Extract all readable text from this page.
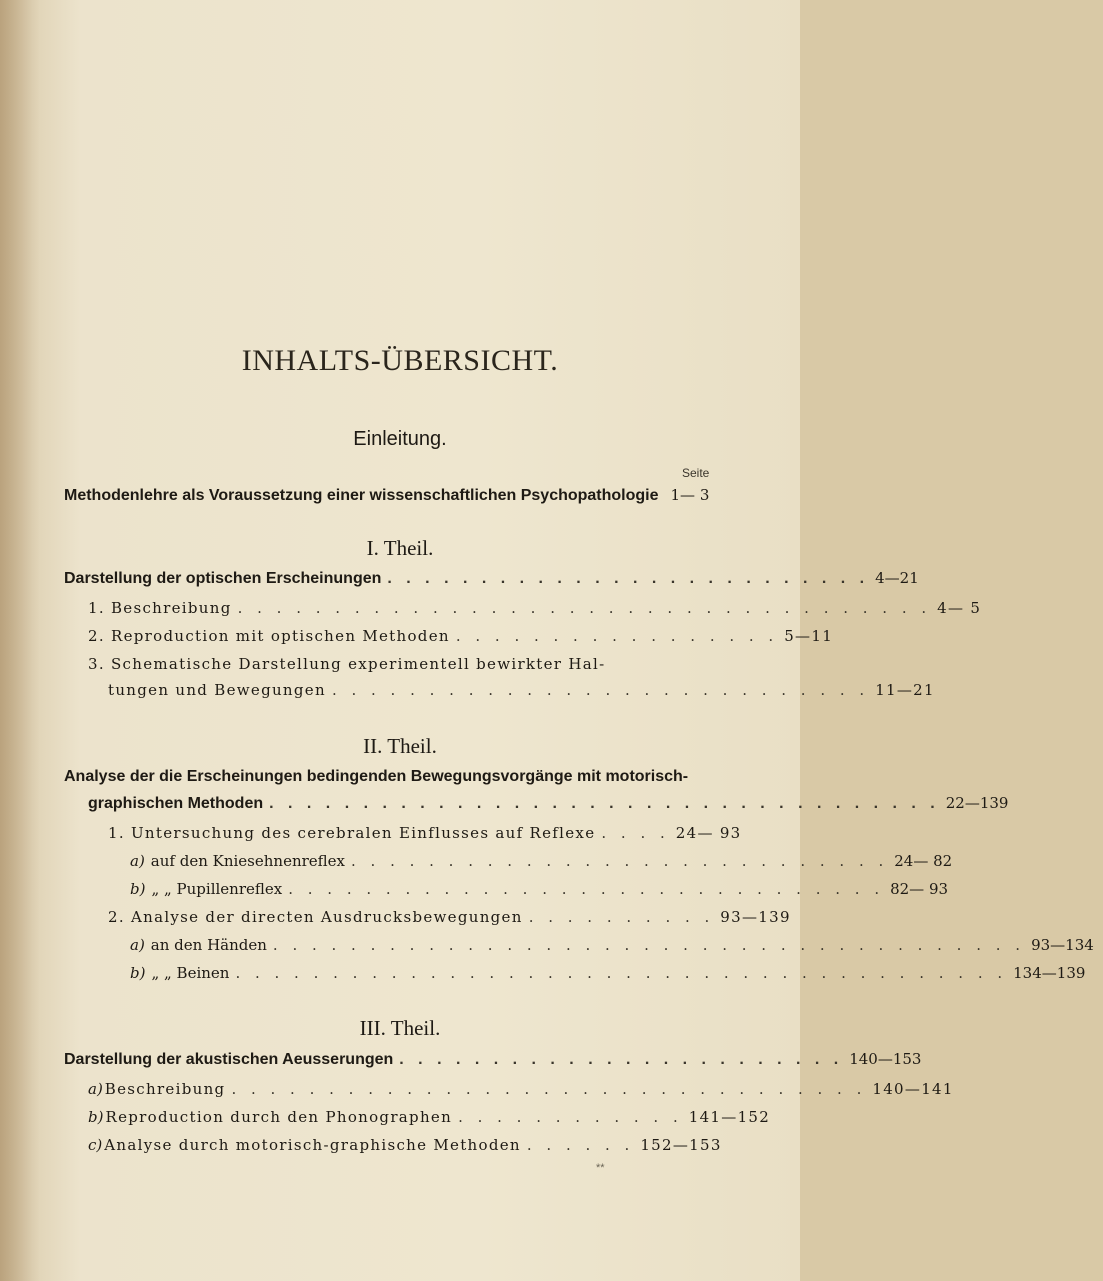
INHALTS-ÜBERSICHT.
Einleitung.
Seite
Methodenlehre als Voraussetzung einer wissenschaftlichen Psychopathologie 1— 3
I. Theil.
Darstellung der optischen Erscheinungen . . . . . . . . . . . . . . . . . . . . . . . . . . 4—21
1. Beschreibung . . . . . . . . . . . . . . . . . . . . . . . . . . . . . . . . . . . . 4— 5
2. Reproduction mit optischen Methoden . . . . . . . . . . . . . . . . . 5—11
3. Schematische Darstellung experimentell bewirkter Hal-
tungen und Bewegungen . . . . . . . . . . . . . . . . . . . . . . . . . . . . 11—21
II. Theil.
Analyse der die Erscheinungen bedingenden Bewegungsvorgänge mit motorisch-
graphischen Methoden . . . . . . . . . . . . . . . . . . . . . . . . . . . . . . . . . . . . 22—139
1. Untersuchung des cerebralen Einflusses auf Reflexe . . . . 24— 93
a) auf den Kniesehnenreflex . . . . . . . . . . . . . . . . . . . . . . . . . . . . 24— 82
b) „ „ Pupillenreflex . . . . . . . . . . . . . . . . . . . . . . . . . . . . . . . 82— 93
2. Analyse der directen Ausdrucksbewegungen . . . . . . . . . . 93—139
a) an den Händen . . . . . . . . . . . . . . . . . . . . . . . . . . . . . . . . . . . . . . . 93—134
b) „ „ Beinen . . . . . . . . . . . . . . . . . . . . . . . . . . . . . . . . . . . . . . . . 134—139
III. Theil.
Darstellung der akustischen Aeusserungen . . . . . . . . . . . . . . . . . . . . . . . . 140—153
a) Beschreibung . . . . . . . . . . . . . . . . . . . . . . . . . . . . . . . . . 140—141
b) Reproduction durch den Phonographen . . . . . . . . . . . . 141—152
c) Analyse durch motorisch-graphische Methoden . . . . . . 152—153
**
